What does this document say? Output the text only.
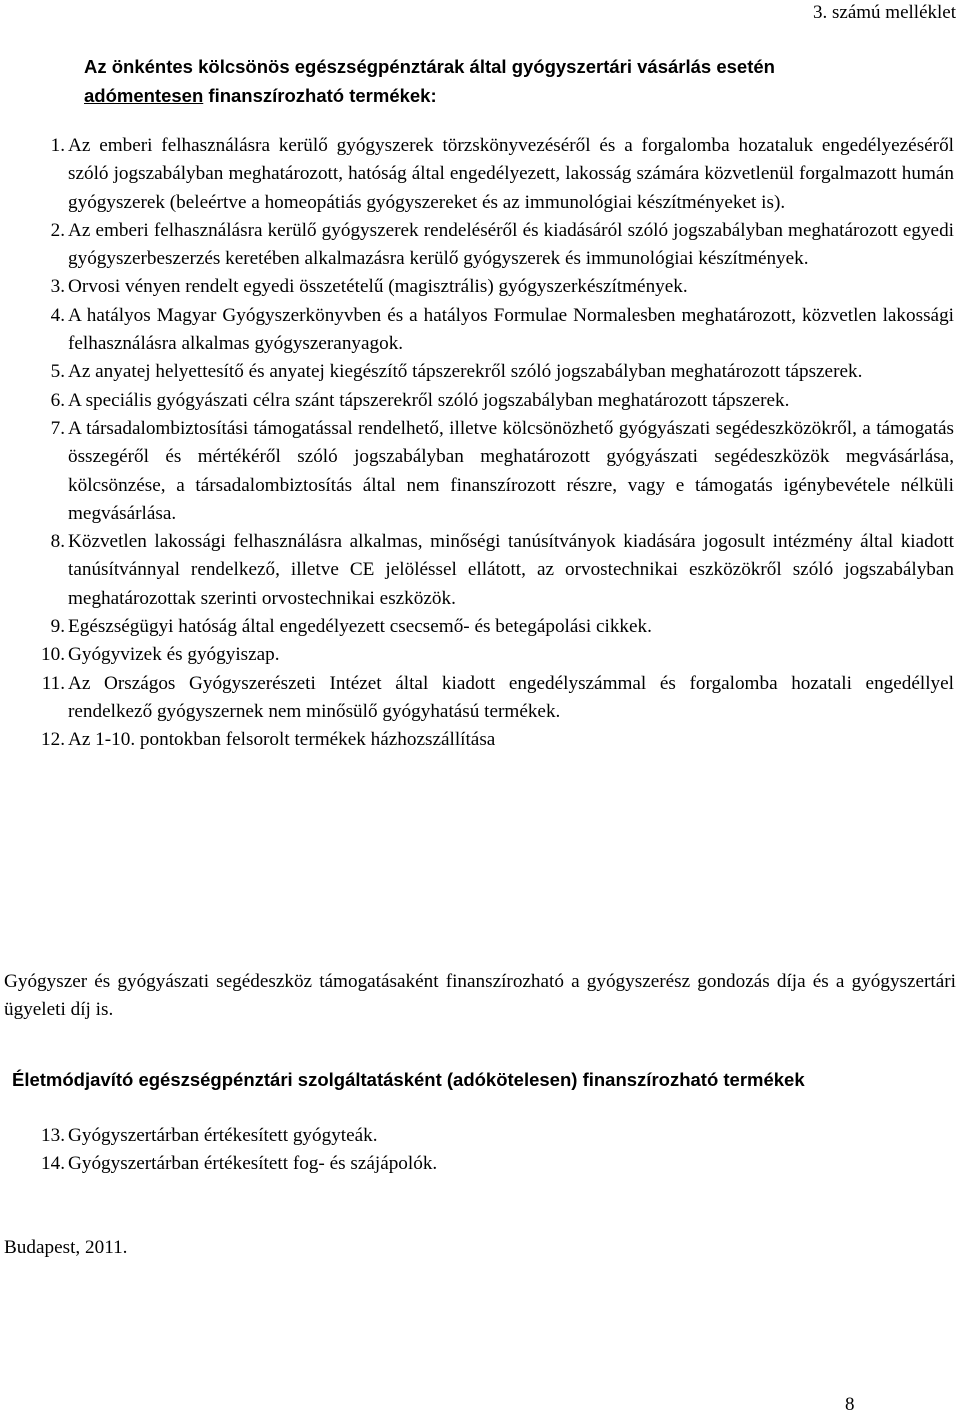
3. számú melléklet
Az önkéntes kölcsönös egészségpénztárak által gyógyszertári vásárlás esetén
adómentesen finanszírozható termékek:
1. Az emberi felhasználásra kerülő gyógyszerek törzskönyvezéséről és a forgalomba hozataluk engedélyezéséről szóló jogszabályban meghatározott, hatóság által engedélyezett, lakosság számára közvetlenül forgalmazott humán gyógyszerek (beleértve a homeopátiás gyógyszereket és az immunológiai készítményeket is).
2. Az emberi felhasználásra kerülő gyógyszerek rendeléséről és kiadásáról szóló jogszabályban meghatározott egyedi gyógyszerbeszerzés keretében alkalmazásra kerülő gyógyszerek és immunológiai készítmények.
3. Orvosi vényen rendelt egyedi összetételű (magisztrális) gyógyszerkészítmények.
4. A hatályos Magyar Gyógyszerkönyvben és a hatályos Formulae Normalesben meghatározott, közvetlen lakossági felhasználásra alkalmas gyógyszeranyagok.
5. Az anyatej helyettesítő és anyatej kiegészítő tápszerekről szóló jogszabályban meghatározott tápszerek.
6. A speciális gyógyászati célra szánt tápszerekről szóló jogszabályban meghatározott tápszerek.
7. A társadalombiztosítási támogatással rendelhető, illetve kölcsönözhető gyógyászati segédeszközökről, a támogatás összegéről és mértékéről szóló jogszabályban meghatározott gyógyászati segédeszközök megvásárlása, kölcsönzése, a társadalombiztosítás által nem finanszírozott részre, vagy e támogatás igénybevétele nélküli megvásárlása.
8. Közvetlen lakossági felhasználásra alkalmas, minőségi tanúsítványok kiadására jogosult intézmény által kiadott tanúsítvánnyal rendelkező, illetve CE jelöléssel ellátott, az orvostechnikai eszközökről szóló jogszabályban meghatározottak szerinti orvostechnikai eszközök.
9. Egészségügyi hatóság által engedélyezett csecsemő- és betegápolási cikkek.
10. Gyógyvizek és gyógyiszap.
11. Az Országos Gyógyszerészeti Intézet által kiadott engedélyszámmal és forgalomba hozatali engedéllyel rendelkező gyógyszernek nem minősülő gyógyhatású termékek.
12. Az 1-10. pontokban felsorolt termékek házhozszállítása
Gyógyszer és gyógyászati segédeszköz támogatásaként finanszírozható a gyógyszerész gondozás díja és a gyógyszertári ügyeleti díj is.
Életmódjavító egészségpénztári szolgáltatásként (adókötelesen) finanszírozható termékek
13. Gyógyszertárban értékesített gyógyteák.
14. Gyógyszertárban értékesített fog- és szájápolók.
Budapest, 2011.
8
